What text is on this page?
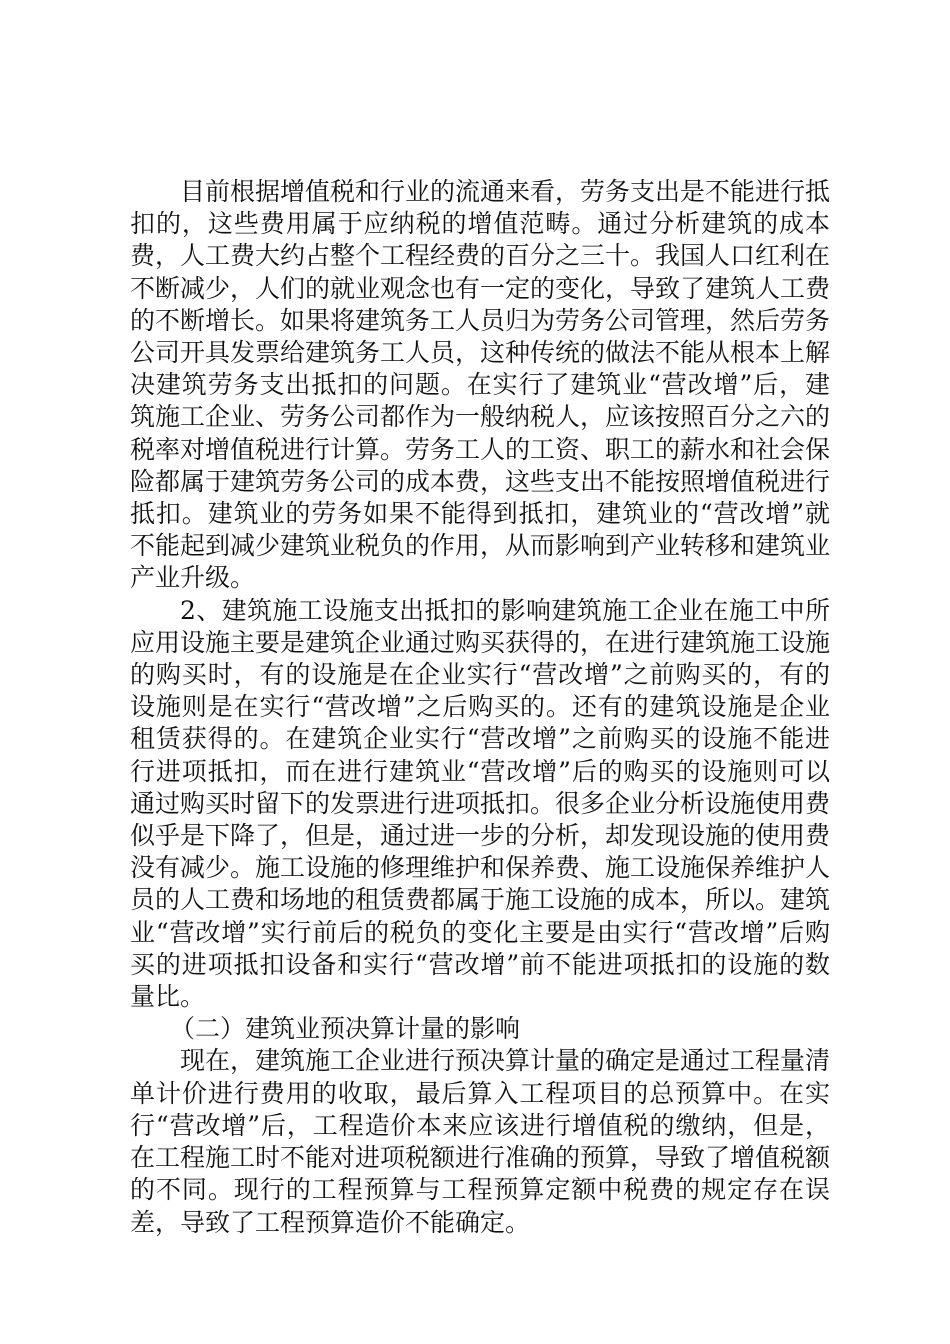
目前根据增值税和行业的流通来看，劳务支出是不能进行抵扣的，这些费用属于应纳税的增值范畴。通过分析建筑的成本费，人工费大约占整个工程经费的百分之三十。我国人口红利在不断减少，人们的就业观念也有一定的变化，导致了建筑人工费的不断增长。如果将建筑务工人员归为劳务公司管理，然后劳务公司开具发票给建筑务工人员，这种传统的做法不能从根本上解决建筑劳务支出抵扣的问题。在实行了建筑业“营改增”后，建筑施工企业、劳务公司都作为一般纳税人，应该按照百分之六的税率对增值税进行计算。劳务工人的工资、职工的薪水和社会保险都属于建筑劳务公司的成本费，这些支出不能按照增值税进行抵扣。建筑业的劳务如果不能得到抵扣，建筑业的“营改增”就不能起到减少建筑业税负的作用，从而影响到产业转移和建筑业产业升级。

2、建筑施工设施支出抵扣的影响建筑施工企业在施工中所应用设施主要是建筑企业通过购买获得的，在进行建筑施工设施的购买时，有的设施是在企业实行“营改增”之前购买的，有的设施则是在实行“营改增”之后购买的。还有的建筑设施是企业租赁获得的。在建筑企业实行“营改增”之前购买的设施不能进行进项抵扣，而在进行建筑业“营改增”后的购买的设施则可以通过购买时留下的发票进行进项抵扣。很多企业分析设施使用费似乎是下降了，但是，通过进一步的分析，却发现设施的使用费没有减少。施工设施的修理维护和保养费、施工设施保养维护人员的人工费和场地的租赁费都属于施工设施的成本，所以。建筑业“营改增”实行前后的税负的变化主要是由实行“营改增”后购买的进项抵扣设备和实行“营改增”前不能进项抵扣的设施的数量比。

（二）建筑业预决算计量的影响

现在，建筑施工企业进行预决算计量的确定是通过工程量清单计价进行费用的收取，最后算入工程项目的总预算中。在实行“营改增”后，工程造价本来应该进行增值税的缴纳，但是，在工程施工时不能对进项税额进行准确的预算，导致了增值税额的不同。现行的工程预算与工程预算定额中税费的规定存在误差，导致了工程预算造价不能确定。
